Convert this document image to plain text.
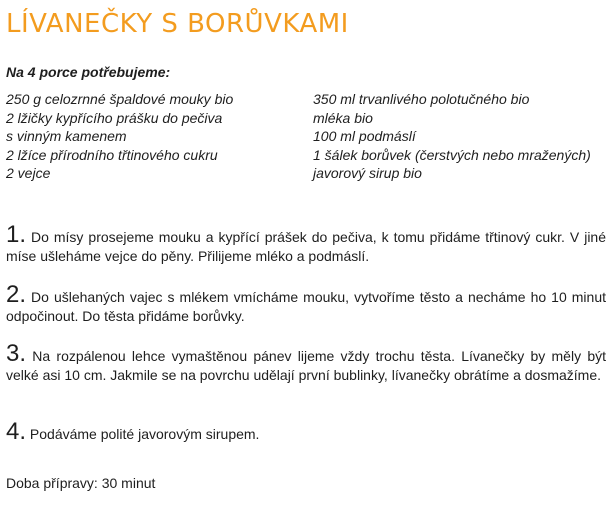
LÍVANEČKY S BORŮVKAMI
Na 4 porce potřebujeme:
250 g celozrnné špaldové mouky bio
2 lžičky kypřícího prášku do pečiva
s vinným kamenem
2 lžíce přírodního třtinového cukru
2 vejce
350 ml trvanlivého polotučného bio
mléka bio
100 ml podmáslí
1 šálek borůvek (čerstvých nebo mražených)
javorový sirup bio
1. Do mísy prosejeme mouku a kypřící prášek do pečiva, k tomu přidáme třtinový cukr. V jiné míse ušleháme vejce do pěny. Přilijeme mléko a podmáslí.
2. Do ušlehaných vajec s mlékem vmícháme mouku, vytvoříme těsto a necháme ho 10 minut odpočinout. Do těsta přidáme borůvky.
3. Na rozpálenou lehce vymaštěnou pánev lijeme vždy trochu těsta. Lívanečky by měly být velké asi 10 cm. Jakmile se na povrchu udělají první bublinky, lívanečky obrátíme a dosmažíme.
4. Podáváme polité javorovým sirupem.
Doba přípravy: 30 minut
